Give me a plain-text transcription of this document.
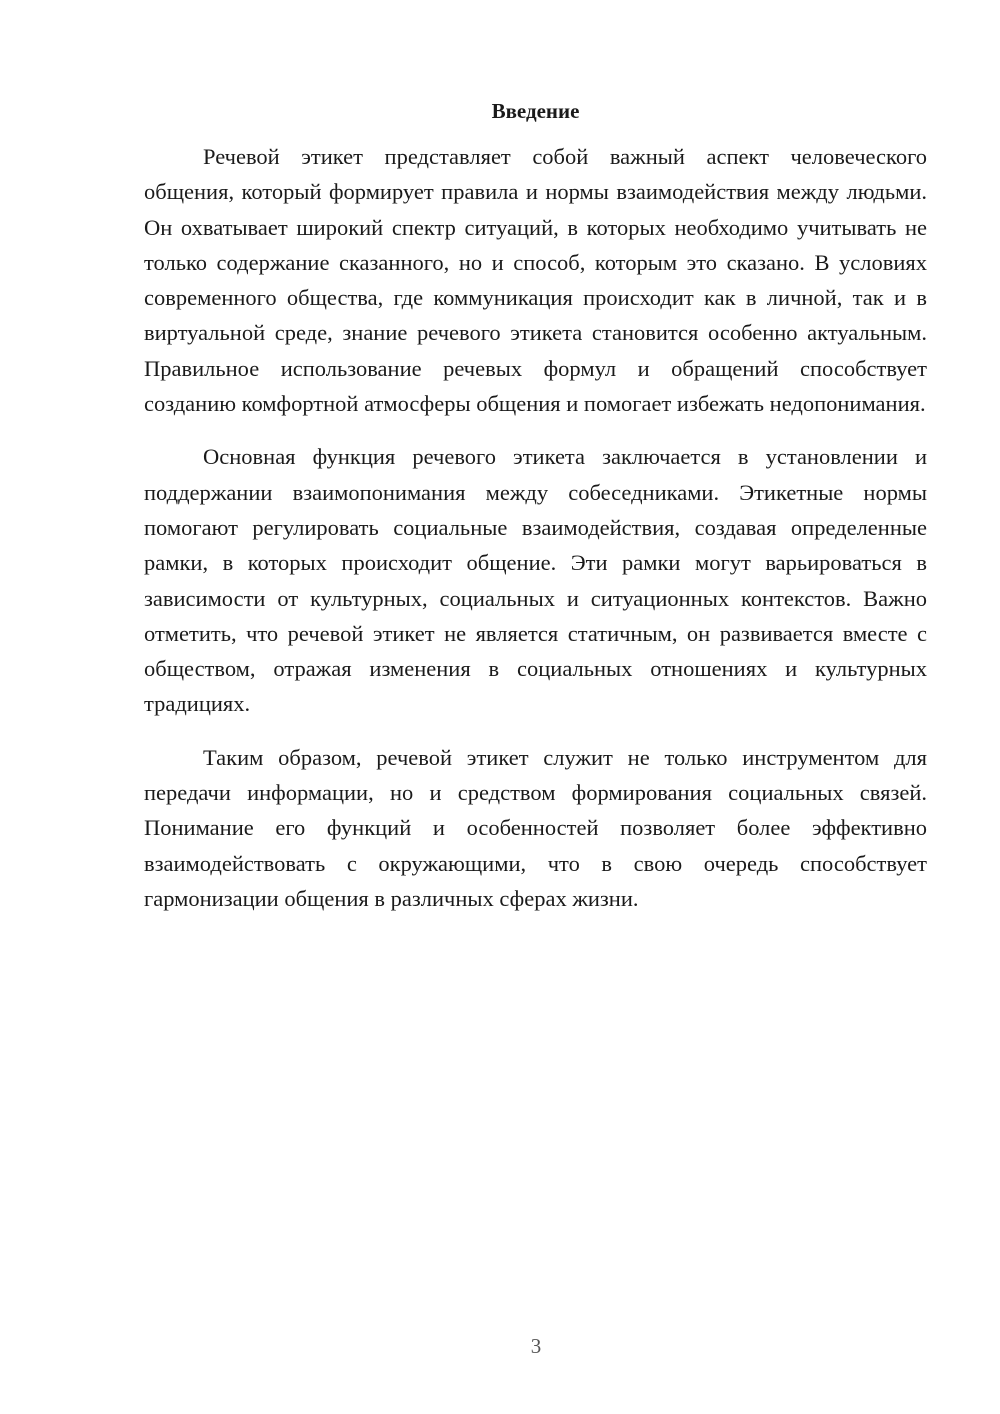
Введение

Речевой этикет представляет собой важный аспект человеческого общения, который формирует правила и нормы взаимодействия между людьми. Он охватывает широкий спектр ситуаций, в которых необходимо учитывать не только содержание сказанного, но и способ, которым это сказано. В условиях современного общества, где коммуникация происходит как в личной, так и в виртуальной среде, знание речевого этикета становится особенно актуальным. Правильное использование речевых формул и обращений способствует созданию комфортной атмосферы общения и помогает избежать недопонимания.

Основная функция речевого этикета заключается в установлении и поддержании взаимопонимания между собеседниками. Этикетные нормы помогают регулировать социальные взаимодействия, создавая определенные рамки, в которых происходит общение. Эти рамки могут варьироваться в зависимости от культурных, социальных и ситуационных контекстов. Важно отметить, что речевой этикет не является статичным, он развивается вместе с обществом, отражая изменения в социальных отношениях и культурных традициях.

Таким образом, речевой этикет служит не только инструментом для передачи информации, но и средством формирования социальных связей. Понимание его функций и особенностей позволяет более эффективно взаимодействовать с окружающими, что в свою очередь способствует гармонизации общения в различных сферах жизни.

3
